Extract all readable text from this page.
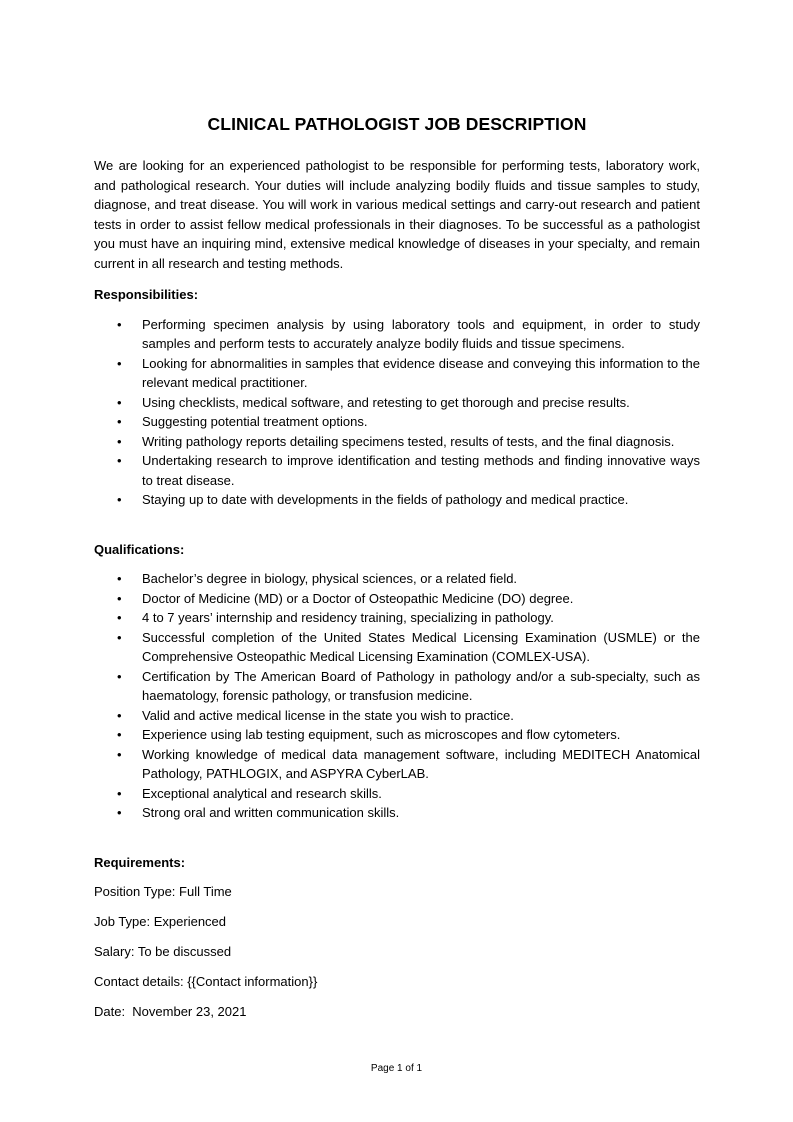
CLINICAL PATHOLOGIST JOB DESCRIPTION

We are looking for an experienced pathologist to be responsible for performing tests, laboratory work, and pathological research. Your duties will include analyzing bodily fluids and tissue samples to study, diagnose, and treat disease. You will work in various medical settings and carry-out research and patient tests in order to assist fellow medical professionals in their diagnoses. To be successful as a pathologist you must have an inquiring mind, extensive medical knowledge of diseases in your specialty, and remain current in all research and testing methods.

Responsibilities:
• Performing specimen analysis by using laboratory tools and equipment, in order to study samples and perform tests to accurately analyze bodily fluids and tissue specimens.
• Looking for abnormalities in samples that evidence disease and conveying this information to the relevant medical practitioner.
• Using checklists, medical software, and retesting to get thorough and precise results.
• Suggesting potential treatment options.
• Writing pathology reports detailing specimens tested, results of tests, and the final diagnosis.
• Undertaking research to improve identification and testing methods and finding innovative ways to treat disease.
• Staying up to date with developments in the fields of pathology and medical practice.
Qualifications:
• Bachelor’s degree in biology, physical sciences, or a related field.
• Doctor of Medicine (MD) or a Doctor of Osteopathic Medicine (DO) degree.
• 4 to 7 years’ internship and residency training, specializing in pathology.
• Successful completion of the United States Medical Licensing Examination (USMLE) or the Comprehensive Osteopathic Medical Licensing Examination (COMLEX-USA).
• Certification by The American Board of Pathology in pathology and/or a sub-specialty, such as haematology, forensic pathology, or transfusion medicine.
• Valid and active medical license in the state you wish to practice.
• Experience using lab testing equipment, such as microscopes and flow cytometers.
• Working knowledge of medical data management software, including MEDITECH Anatomical Pathology, PATHLOGIX, and ASPYRA CyberLAB.
• Exceptional analytical and research skills.
• Strong oral and written communication skills.
Requirements:
Position Type: Full Time
Job Type: Experienced
Salary: To be discussed
Contact details: {{Contact information}}
Date:  November 23, 2021
Page 1 of 1
